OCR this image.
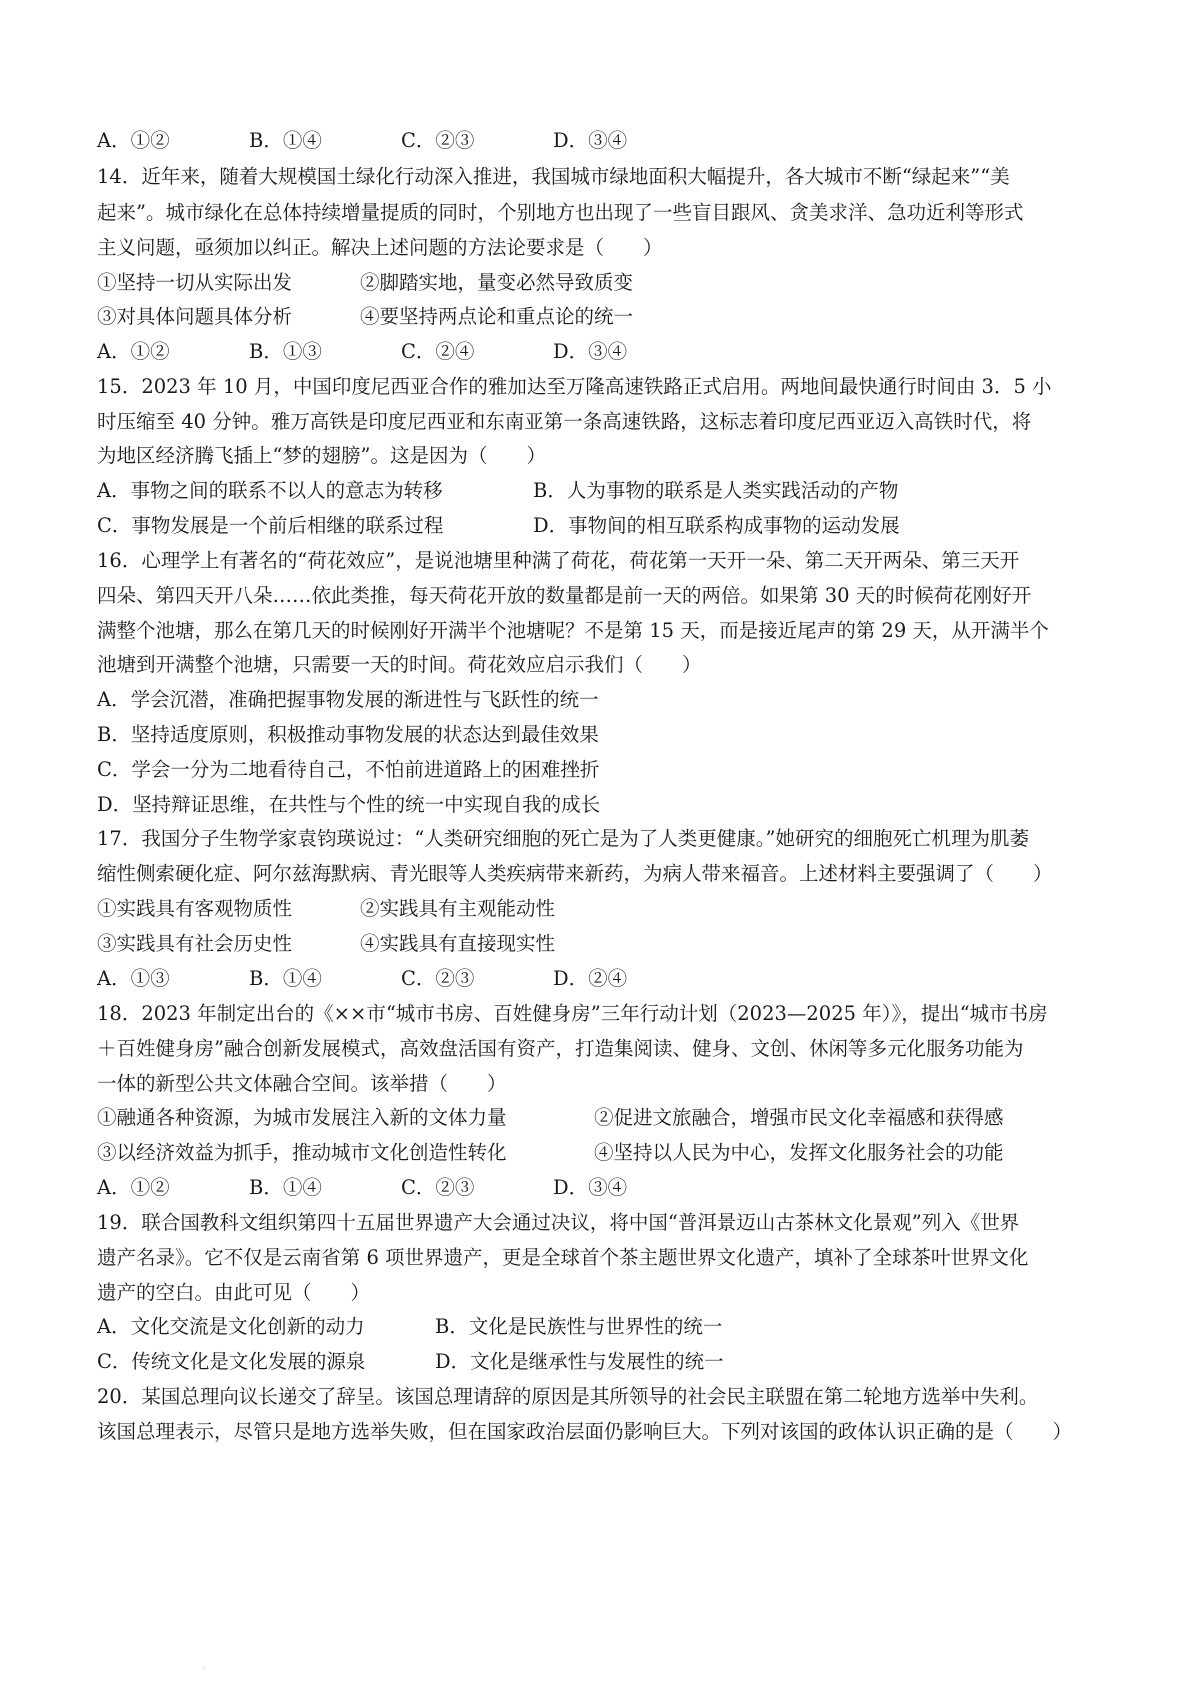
A．①②	B．①④	C．②③	D．③④
14．近年来，随着大规模国土绿化行动深入推进，我国城市绿地面积大幅提升，各大城市不断“绿起来”“美
起来”。城市绿化在总体持续增量提质的同时，个别地方也出现了一些盲目跟风、贪美求洋、急功近利等形式
主义问题，亟须加以纠正。解决上述问题的方法论要求是（　　）
①坚持一切从实际出发	②脚踏实地，量变必然导致质变
③对具体问题具体分析	④要坚持两点论和重点论的统一
A．①②	B．①③	C．②④	D．③④
15．2023 年 10 月，中国印度尼西亚合作的雅加达至万隆高速铁路正式启用。两地间最快通行时间由 3．5 小
时压缩至 40 分钟。雅万高铁是印度尼西亚和东南亚第一条高速铁路，这标志着印度尼西亚迈入高铁时代，将
为地区经济腾飞插上“梦的翅膀”。这是因为（　　）
A．事物之间的联系不以人的意志为转移	B．人为事物的联系是人类实践活动的产物
C．事物发展是一个前后相继的联系过程	D．事物间的相互联系构成事物的运动发展
16．心理学上有著名的“荷花效应”，是说池塘里种满了荷花，荷花第一天开一朵、第二天开两朵、第三天开
四朵、第四天开八朵……依此类推，每天荷花开放的数量都是前一天的两倍。如果第 30 天的时候荷花刚好开
满整个池塘，那么在第几天的时候刚好开满半个池塘呢？不是第 15 天，而是接近尾声的第 29 天，从开满半个
池塘到开满整个池塘，只需要一天的时间。荷花效应启示我们（　　）
A．学会沉潜，准确把握事物发展的渐进性与飞跃性的统一
B．坚持适度原则，积极推动事物发展的状态达到最佳效果
C．学会一分为二地看待自己，不怕前进道路上的困难挫折
D．坚持辩证思维，在共性与个性的统一中实现自我的成长
17．我国分子生物学家袁钧瑛说过：“人类研究细胞的死亡是为了人类更健康。”她研究的细胞死亡机理为肌萎
缩性侧索硬化症、阿尔兹海默病、青光眼等人类疾病带来新药，为病人带来福音。上述材料主要强调了（　　）
①实践具有客观物质性	②实践具有主观能动性
③实践具有社会历史性	④实践具有直接现实性
A．①③	B．①④	C．②③	D．②④
18．2023 年制定出台的《××市“城市书房、百姓健身房”三年行动计划（2023—2025 年）》，提出“城市书房
＋百姓健身房”融合创新发展模式，高效盘活国有资产，打造集阅读、健身、文创、休闲等多元化服务功能为
一体的新型公共文体融合空间。该举措（　　）
①融通各种资源，为城市发展注入新的文体力量	②促进文旅融合，增强市民文化幸福感和获得感
③以经济效益为抓手，推动城市文化创造性转化	④坚持以人民为中心，发挥文化服务社会的功能
A．①②	B．①④	C．②③	D．③④
19．联合国教科文组织第四十五届世界遗产大会通过决议，将中国“普洱景迈山古茶林文化景观”列入《世界
遗产名录》。它不仅是云南省第 6 项世界遗产，更是全球首个茶主题世界文化遗产，填补了全球茶叶世界文化
遗产的空白。由此可见（　　）
A．文化交流是文化创新的动力	B．文化是民族性与世界性的统一
C．传统文化是文化发展的源泉	D．文化是继承性与发展性的统一
20．某国总理向议长递交了辞呈。该国总理请辞的原因是其所领导的社会民主联盟在第二轮地方选举中失利。
该国总理表示，尽管只是地方选举失败，但在国家政治层面仍影响巨大。下列对该国的政体认识正确的是（　　）
·
